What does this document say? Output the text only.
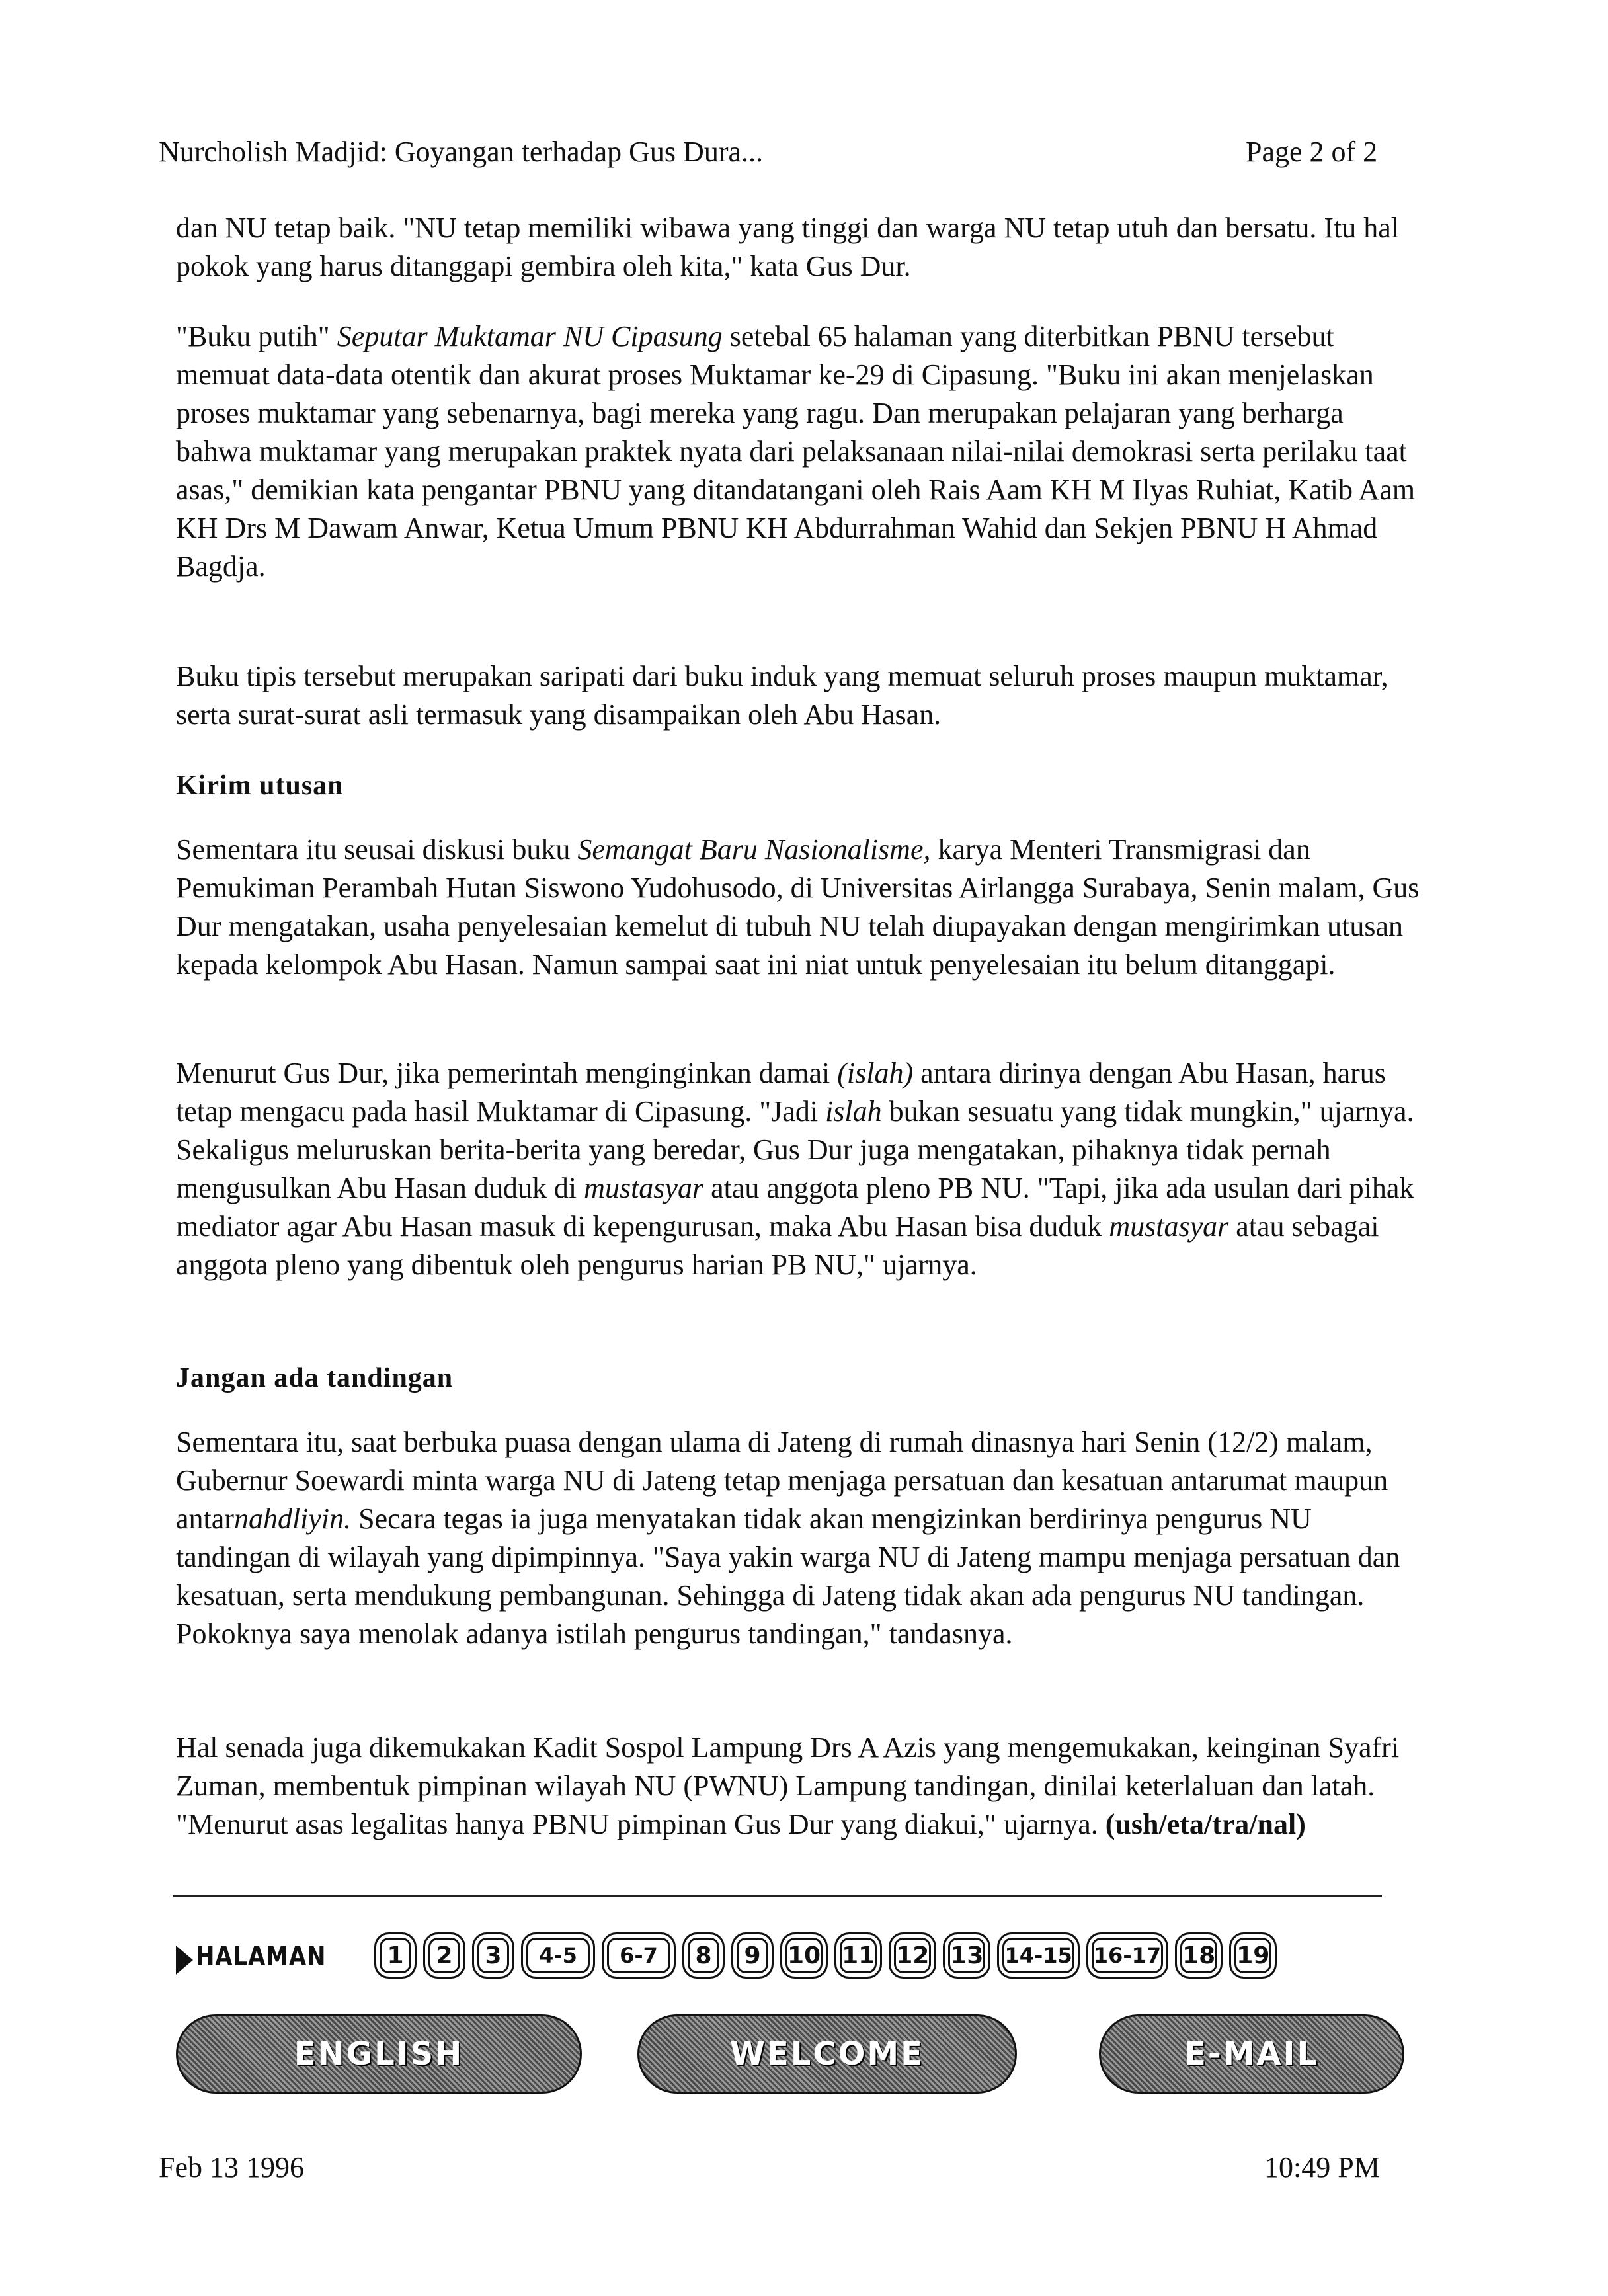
Nurcholish Madjid: Goyangan terhadap Gus Dura...	Page 2 of 2

dan NU tetap baik. "NU tetap memiliki wibawa yang tinggi dan warga NU tetap utuh dan bersatu. Itu hal pokok yang harus ditanggapi gembira oleh kita," kata Gus Dur.

"Buku putih" Seputar Muktamar NU Cipasung setebal 65 halaman yang diterbitkan PBNU tersebut memuat data-data otentik dan akurat proses Muktamar ke-29 di Cipasung. "Buku ini akan menjelaskan proses muktamar yang sebenarnya, bagi mereka yang ragu. Dan merupakan pelajaran yang berharga bahwa muktamar yang merupakan praktek nyata dari pelaksanaan nilai-nilai demokrasi serta perilaku taat asas," demikian kata pengantar PBNU yang ditandatangani oleh Rais Aam KH M Ilyas Ruhiat, Katib Aam KH Drs M Dawam Anwar, Ketua Umum PBNU KH Abdurrahman Wahid dan Sekjen PBNU H Ahmad Bagdja.

Buku tipis tersebut merupakan saripati dari buku induk yang memuat seluruh proses maupun muktamar, serta surat-surat asli termasuk yang disampaikan oleh Abu Hasan.

Kirim utusan

Sementara itu seusai diskusi buku Semangat Baru Nasionalisme, karya Menteri Transmigrasi dan Pemukiman Perambah Hutan Siswono Yudohusodo, di Universitas Airlangga Surabaya, Senin malam, Gus Dur mengatakan, usaha penyelesaian kemelut di tubuh NU telah diupayakan dengan mengirimkan utusan kepada kelompok Abu Hasan. Namun sampai saat ini niat untuk penyelesaian itu belum ditanggapi.

Menurut Gus Dur, jika pemerintah menginginkan damai (islah) antara dirinya dengan Abu Hasan, harus tetap mengacu pada hasil Muktamar di Cipasung. "Jadi islah bukan sesuatu yang tidak mungkin," ujarnya. Sekaligus meluruskan berita-berita yang beredar, Gus Dur juga mengatakan, pihaknya tidak pernah mengusulkan Abu Hasan duduk di mustasyar atau anggota pleno PB NU. "Tapi, jika ada usulan dari pihak mediator agar Abu Hasan masuk di kepengurusan, maka Abu Hasan bisa duduk mustasyar atau sebagai anggota pleno yang dibentuk oleh pengurus harian PB NU," ujarnya.

Jangan ada tandingan

Sementara itu, saat berbuka puasa dengan ulama di Jateng di rumah dinasnya hari Senin (12/2) malam, Gubernur Soewardi minta warga NU di Jateng tetap menjaga persatuan dan kesatuan antarumat maupun antarnahdliyin. Secara tegas ia juga menyatakan tidak akan mengizinkan berdirinya pengurus NU tandingan di wilayah yang dipimpinnya. "Saya yakin warga NU di Jateng mampu menjaga persatuan dan kesatuan, serta mendukung pembangunan. Sehingga di Jateng tidak akan ada pengurus NU tandingan. Pokoknya saya menolak adanya istilah pengurus tandingan," tandasnya.

Hal senada juga dikemukakan Kadit Sospol Lampung Drs A Azis yang mengemukakan, keinginan Syafri Zuman, membentuk pimpinan wilayah NU (PWNU) Lampung tandingan, dinilai keterlaluan dan latah. "Menurut asas legalitas hanya PBNU pimpinan Gus Dur yang diakui," ujarnya. (ush/eta/tra/nal)

HALAMAN	1	2	3	4-5	6-7	8	9	10 11 12 13	14-15	16-17 18 19
ENGLISH	WELCOME	E-MAIL
Feb 13 1996	10:49 PM
